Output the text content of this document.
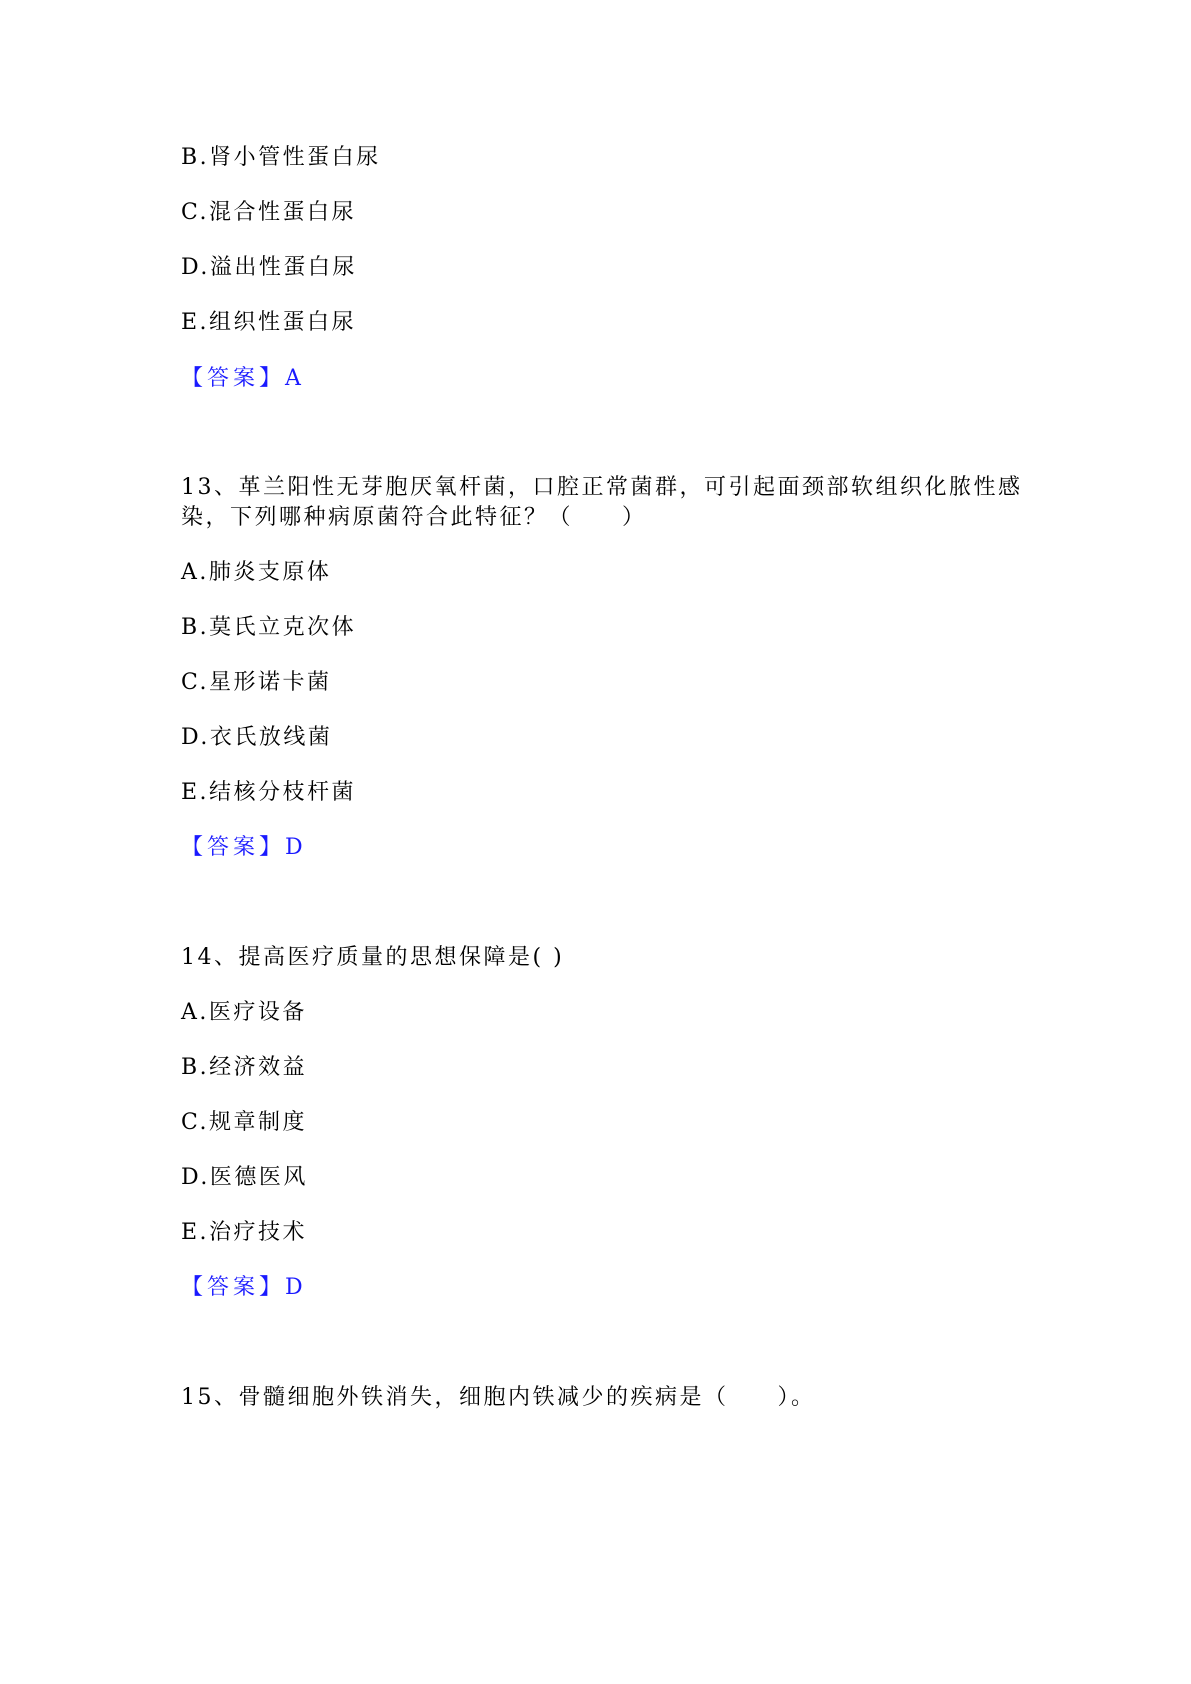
B.肾小管性蛋白尿

C.混合性蛋白尿

D.溢出性蛋白尿

E.组织性蛋白尿

【答案】A

13、革兰阳性无芽胞厌氧杆菌，口腔正常菌群，可引起面颈部软组织化脓性感

染，下列哪种病原菌符合此特征？（　　）

A.肺炎支原体

B.莫氏立克次体

C.星形诺卡菌

D.衣氏放线菌

E.结核分枝杆菌

【答案】D

14、提高医疗质量的思想保障是( )

A.医疗设备

B.经济效益

C.规章制度

D.医德医风

E.治疗技术

【答案】D

15、骨髓细胞外铁消失，细胞内铁减少的疾病是（　　）。
